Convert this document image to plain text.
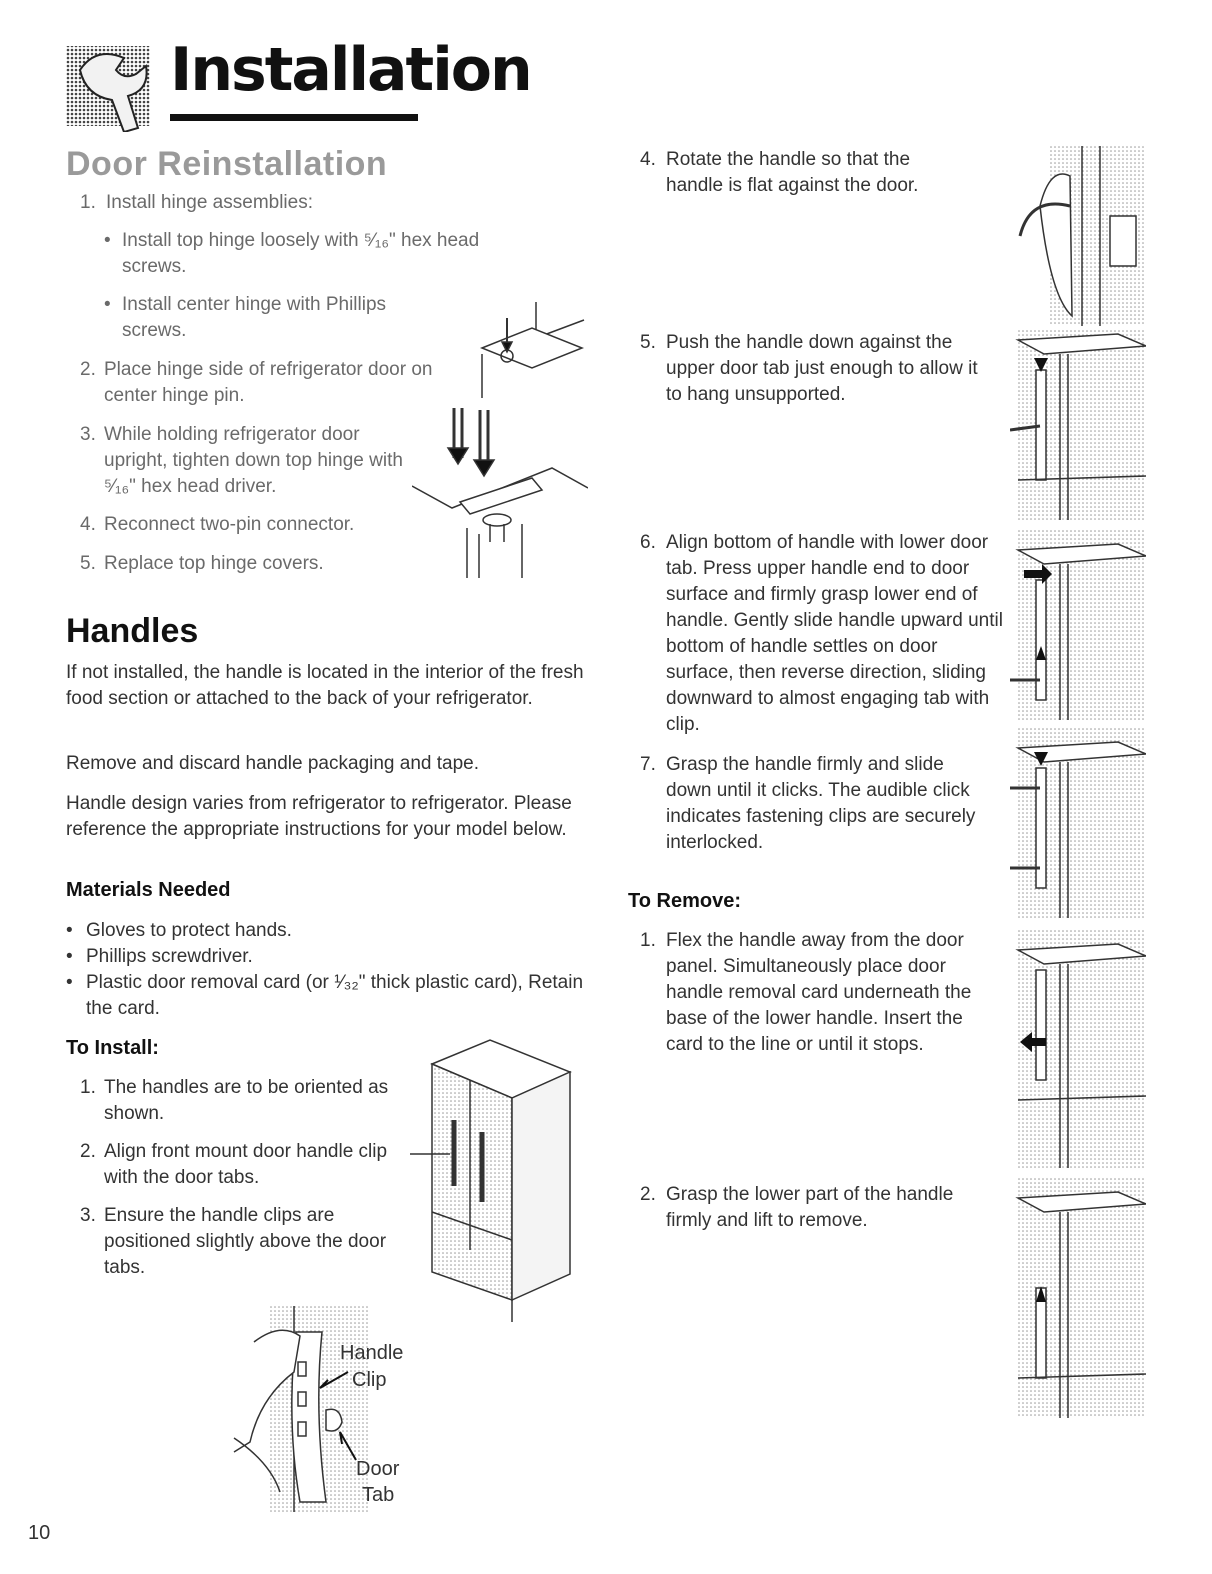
Installation
Door Reinstallation
1. Install hinge assemblies:
• Install top hinge loosely with ⁵⁄₁₆" hex head screws.
• Install center hinge with Phillips screws.
2. Place hinge side of refrigerator door on center hinge pin.
3. While holding refrigerator door upright, tighten down top hinge with ⁵⁄₁₆" hex head driver.
4. Reconnect two-pin connector.
5. Replace top hinge covers.
Handles
If not installed, the handle is located in the interior of the fresh food section or attached to the back of your refrigerator.
Remove and discard handle packaging and tape.
Handle design varies from refrigerator to refrigerator. Please reference the appropriate instructions for your model below.
Materials Needed
• Gloves to protect hands.
• Phillips screwdriver.
• Plastic door removal card (or ¹⁄₃₂" thick plastic card), Retain the card.
To Install:
1. The handles are to be oriented as shown.
2. Align front mount door handle clip with the door tabs.
3. Ensure the handle clips are positioned slightly above the door tabs.
Handle
Clip
Door
Tab
4. Rotate the handle so that the handle is flat against the door.
5. Push the handle down against the upper door tab just enough to allow it to hang unsupported.
6. Align bottom of handle with lower door tab. Press upper handle end to door surface and firmly grasp lower end of handle. Gently slide handle upward until bottom of handle settles on door surface, then reverse direction, sliding downward to almost engaging tab with clip.
7. Grasp the handle firmly and slide down until it clicks. The audible click indicates fastening clips are securely interlocked.
To Remove:
1. Flex the handle away from the door panel. Simultaneously place door handle removal card underneath the base of the lower handle. Insert the card to the line or until it stops.
2. Grasp the lower part of the handle firmly and lift to remove.
10
